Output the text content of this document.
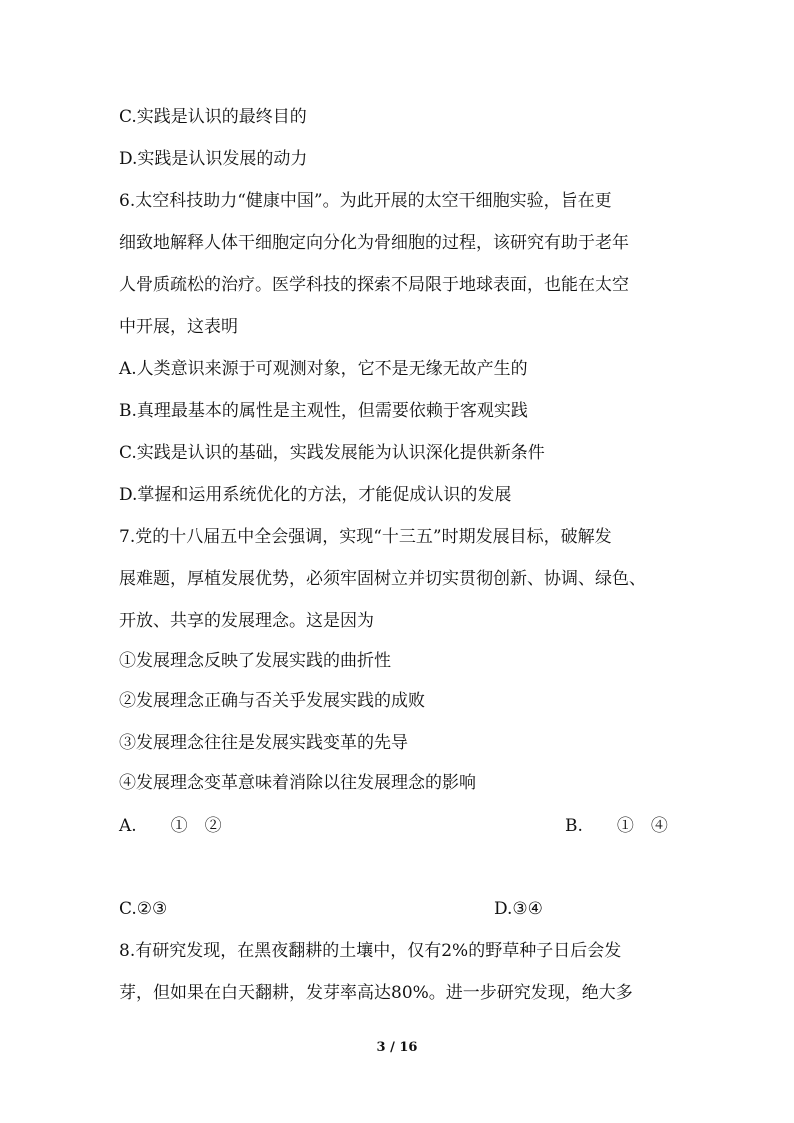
C.实践是认识的最终目的
D.实践是认识发展的动力
6.太空科技助力“健康中国”。为此开展的太空干细胞实验，旨在更
细致地解释人体干细胞定向分化为骨细胞的过程，该研究有助于老年
人骨质疏松的治疗。医学科技的探索不局限于地球表面，也能在太空
中开展，这表明
A.人类意识来源于可观测对象，它不是无缘无故产生的
B.真理最基本的属性是主观性，但需要依赖于客观实践
C.实践是认识的基础，实践发展能为认识深化提供新条件
D.掌握和运用系统优化的方法，才能促成认识的发展
7.党的十八届五中全会强调，实现“十三五”时期发展目标，破解发
展难题，厚植发展优势，必须牢固树立并切实贯彻创新、协调、绿色、
开放、共享的发展理念。这是因为
①发展理念反映了发展实践的曲折性
②发展理念正确与否关乎发展实践的成败
③发展理念往往是发展实践变革的先导
④发展理念变革意味着消除以往发展理念的影响
A.　　①　②	B.　　①　④
C.②③	D.③④
8.有研究发现，在黑夜翻耕的土壤中，仅有2%的野草种子日后会发
芽，但如果在白天翻耕，发芽率高达80%。进一步研究发现，绝大多
3 / 16
